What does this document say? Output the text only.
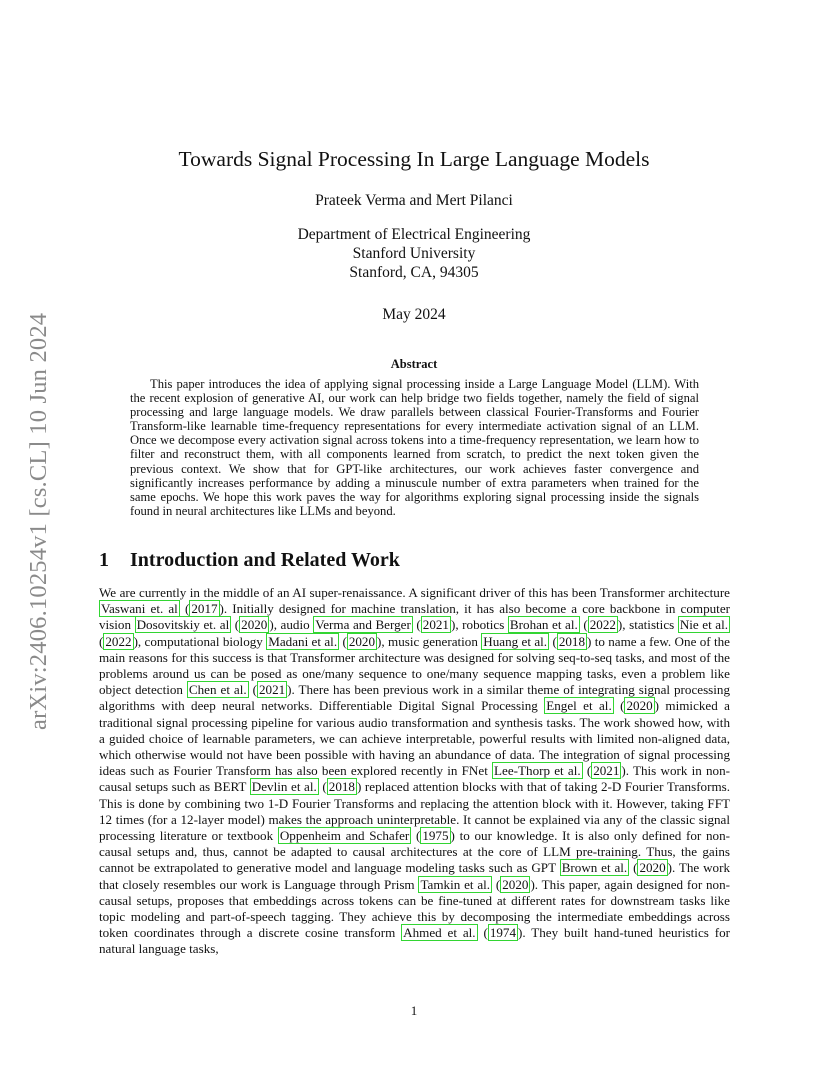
arXiv:2406.10254v1 [cs.CL] 10 Jun 2024
Towards Signal Processing In Large Language Models
Prateek Verma and Mert Pilanci
Department of Electrical Engineering
Stanford University
Stanford, CA, 94305
May 2024
Abstract

This paper introduces the idea of applying signal processing inside a Large Language Model (LLM). With the recent explosion of generative AI, our work can help bridge two fields together, namely the field of signal processing and large language models. We draw parallels between classical Fourier-Transforms and Fourier Transform-like learnable time-frequency representations for every intermediate activation signal of an LLM. Once we decompose every activation signal across tokens into a time-frequency representation, we learn how to filter and reconstruct them, with all components learned from scratch, to predict the next token given the previous context. We show that for GPT-like architectures, our work achieves faster convergence and significantly increases performance by adding a minuscule number of extra parameters when trained for the same epochs. We hope this work paves the way for algorithms exploring signal processing inside the signals found in neural architectures like LLMs and beyond.

1 Introduction and Related Work

We are currently in the middle of an AI super-renaissance. A significant driver of this has been Transformer architecture Vaswani et. al ( 2017 ). Initially designed for machine translation, it has also become a core backbone in computer vision Dosovitskiy et. al ( 2020 ), audio Verma and Berger ( 2021 ), robotics Brohan et al. ( 2022 ), statistics Nie et al. ( 2022 ), computational biology Madani et al. ( 2020 ), music generation Huang et al. ( 2018 ) to name a few. One of the main reasons for this success is that Transformer architecture was designed for solving seq-to-seq tasks, and most of the problems around us can be posed as one/many sequence to one/many sequence mapping tasks, even a problem like object detection Chen et al. ( 2021 ). There has been previous work in a similar theme of integrating signal processing algorithms with deep neural networks. Differentiable Digital Signal Processing Engel et al. ( 2020 ) mimicked a traditional signal processing pipeline for various audio transformation and synthesis tasks. The work showed how, with a guided choice of learnable parameters, we can achieve interpretable, powerful results with limited non-aligned data, which otherwise would not have been possible with having an abundance of data. The integration of signal processing ideas such as Fourier Transform has also been explored recently in FNet Lee-Thorp et al. ( 2021 ). This work in non-causal setups such as BERT Devlin et al. ( 2018 ) replaced attention blocks with that of taking 2-D Fourier Transforms. This is done by combining two 1-D Fourier Transforms and replacing the attention block with it. However, taking FFT 12 times (for a 12-layer model) makes the approach uninterpretable. It cannot be explained via any of the classic signal processing literature or textbook Oppenheim and Schafer ( 1975 ) to our knowledge. It is also only defined for non-causal setups and, thus, cannot be adapted to causal architectures at the core of LLM pre-training. Thus, the gains cannot be extrapolated to generative model and language modeling tasks such as GPT Brown et al. ( 2020 ). The work that closely resembles our work is Language through Prism Tamkin et al. ( 2020 ). This paper, again designed for non-causal setups, proposes that embeddings across tokens can be fine-tuned at different rates for downstream tasks like topic modeling and part-of-speech tagging. They achieve this by decomposing the intermediate embeddings across token coordinates through a discrete cosine transform Ahmed et al. ( 1974 ). They built hand-tuned heuristics for natural language tasks,

1
